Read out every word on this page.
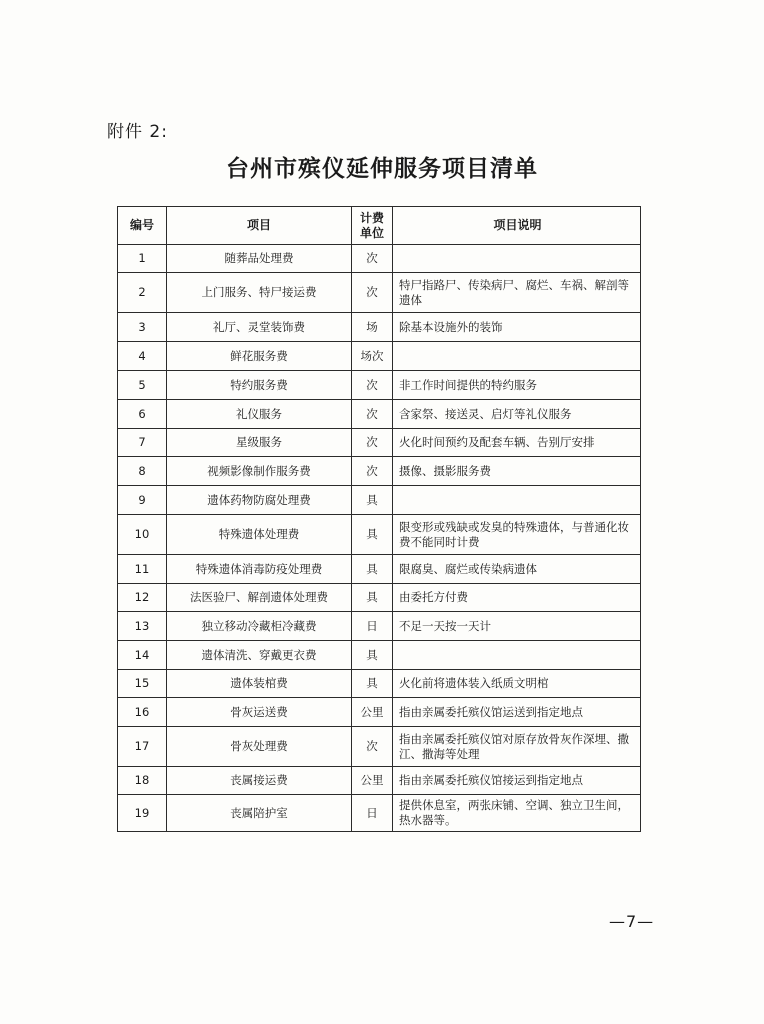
附件 2:
台州市殡仪延伸服务项目清单
编号	项目	计费单位	项目说明
1	随葬品处理费	次	
2	上门服务、特尸接运费	次	特尸指路尸、传染病尸、腐烂、车祸、解剖等遗体
3	礼厅、灵堂装饰费	场	除基本设施外的装饰
4	鲜花服务费	场次	
5	特约服务费	次	非工作时间提供的特约服务
6	礼仪服务	次	含家祭、接送灵、启灯等礼仪服务
7	星级服务	次	火化时间预约及配套车辆、告别厅安排
8	视频影像制作服务费	次	摄像、摄影服务费
9	遗体药物防腐处理费	具	
10	特殊遗体处理费	具	限变形或残缺或发臭的特殊遗体，与普通化妆费不能同时计费
11	特殊遗体消毒防疫处理费	具	限腐臭、腐烂或传染病遗体
12	法医验尸、解剖遗体处理费	具	由委托方付费
13	独立移动冷藏柜冷藏费	日	不足一天按一天计
14	遗体清洗、穿戴更衣费	具	
15	遗体装棺费	具	火化前将遗体装入纸质文明棺
16	骨灰运送费	公里	指由亲属委托殡仪馆运送到指定地点
17	骨灰处理费	次	指由亲属委托殡仪馆对原存放骨灰作深埋、撒江、撒海等处理
18	丧属接运费	公里	指由亲属委托殡仪馆接运到指定地点
19	丧属陪护室	日	提供休息室，两张床铺、空调、独立卫生间，热水器等。
—7—
